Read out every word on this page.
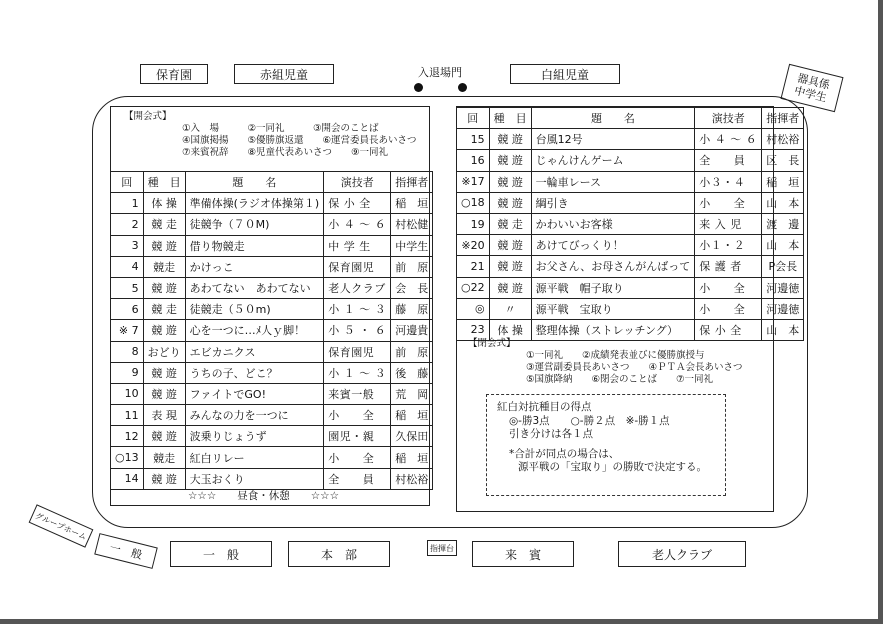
保育園	赤組児童	入退場門	白組児童	器具係
中学生
【開会式】
①入　場　　　②一同礼　　　③開会のことば
④国旗掲揚　　⑤優勝旗返還　　⑥運営委員長あいさつ
⑦来賓祝辞　　⑧児童代表あいさつ　　⑨一同礼
回	種　目	題　　名	演技者	指揮者
1	体 操	準備体操(ラジオ体操第１)	保 小 全	稲　垣
2	競 走	徒競争（７０M)	小 ４ ～ ６	村松健
3	競 遊	借り物競走	中 学 生	中学生
4	競走	かけっこ	保育園児	前　原
5	競 遊	あわてない　あわてない	老人クラブ	会　長
6	競 走	徒競走（５０m)	小 １ ～ ３	藤　原
※ 7	競 遊	心を一つに…ﾒ人ｙ脚！	小 ５ ・ ６	河邊貴
8	おどり	エビカニクス	保育園児	前　原
9	競 遊	うちの子、どこ？	小 １ ～ ３	後　藤
10	競 遊	ファイトでGO!	来賓一般	荒　岡
11	表 現	みんなの力を一つに	小　　全	稲　垣
12	競 遊	波乗りじょうず	園児・親	久保田
○13	競走	紅白リレー	小　　全	稲　垣
14	競 遊	大玉おくり	全　　員	村松裕
☆☆☆　　昼食・休憩　　☆☆☆
回	種　目	題　　名	演技者	指揮者
15	競 遊	台風12号	小 ４ ～ ６	村松裕
16	競 遊	じゃんけんゲーム	全　　員	区　長
※17	競 遊	一輪車レース	小３・４	稲　垣
○18	競 遊	綱引き	小　　全	山　本
19	競 走	かわいいお客様	来 入 児	渡　邊
※20	競 遊	あけてびっくり！	小１・２	山　本
21	競 遊	お父さん、お母さんがんばって	保 護 者	P会長
○22	競 遊	源平戦　帽子取り	小　　全	河邊徳
◎	〃	源平戦　宝取り	小　　全	河邊徳
23	体 操	整理体操（ストレッチング）	保 小 全	山　本
【閉会式】
①一同礼　　②成績発表並びに優勝旗授与
③運営副委員長あいさつ　　④ＰＴＡ会長あいさつ
⑤国旗降納　　⑥閉会のことば　　⑦一同礼
紅白対抗種目の得点
◎-勝3点　　○-勝２点　※-勝１点
引き分けは各１点
*合計が同点の場合は、
　　源平戦の「宝取り」の勝敗で決定する。
グループホーム
一　般	一　般	本　部	指揮台	来　賓	老人クラブ
